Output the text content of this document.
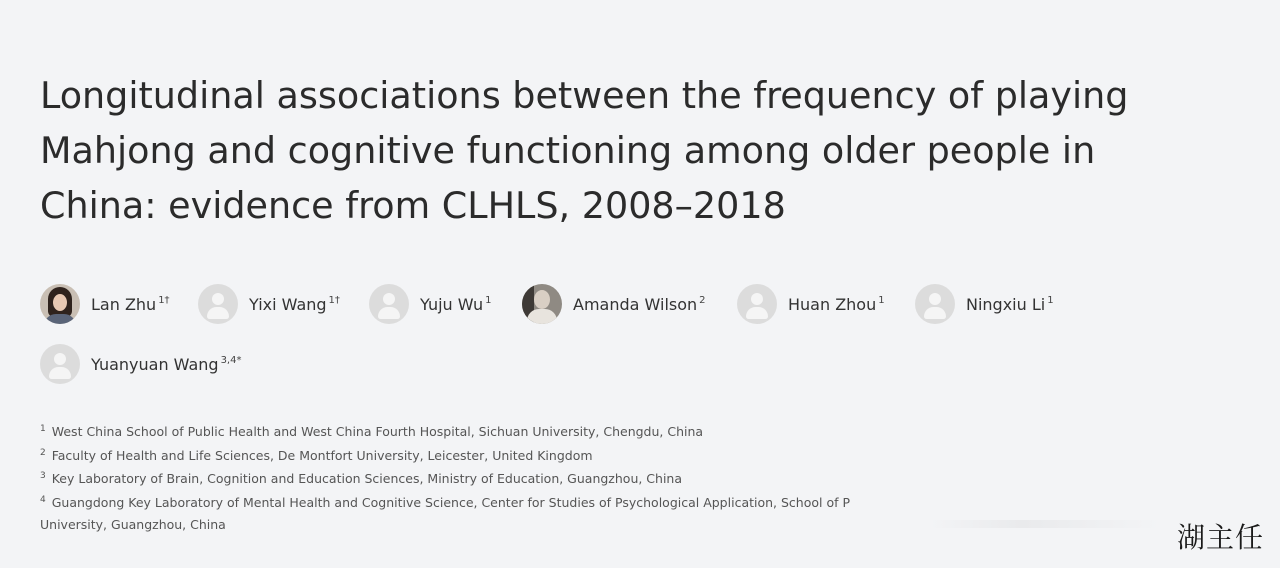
Longitudinal associations between the frequency of playing
Mahjong and cognitive functioning among older people in
China: evidence from CLHLS, 2008–2018
Lan Zhu $^{1\dagger}$	Yixi Wang $^{1\dagger}$	Yuju Wu $^1$	Amanda Wilson $^2$	Huan Zhou $^1$	Ningxiu Li $^1$
Yuanyuan Wang $^{3,4*}$
$^1$ West China School of Public Health and West China Fourth Hospital, Sichuan University, Chengdu, China
$^2$ Faculty of Health and Life Sciences, De Montfort University, Leicester, United Kingdom
$^3$ Key Laboratory of Brain, Cognition and Education Sciences, Ministry of Education, Guangzhou, China
$^4$ Guangdong Key Laboratory of Mental Health and Cognitive Science, Center for Studies of Psychological Application, School of P
University, Guangzhou, China	湖主任
